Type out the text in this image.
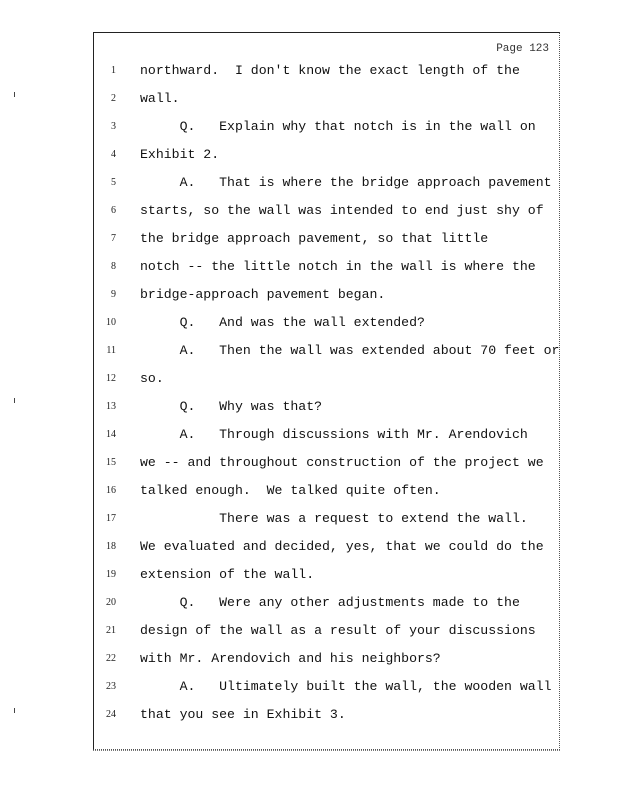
Page 123

1 northward.  I don't know the exact length of the
2 wall.
3 Q.   Explain why that notch is in the wall on
4 Exhibit 2.
5 A.   That is where the bridge approach pavement
6 starts, so the wall was intended to end just shy of
7 the bridge approach pavement, so that little
8 notch -- the little notch in the wall is where the
9 bridge-approach pavement began.
10 Q.   And was the wall extended?
11 A.   Then the wall was extended about 70 feet or
12 so.
13 Q.   Why was that?
14 A.   Through discussions with Mr. Arendovich
15 we -- and throughout construction of the project we
16 talked enough.  We talked quite often.
17 There was a request to extend the wall.
18 We evaluated and decided, yes, that we could do the
19 extension of the wall.
20 Q.   Were any other adjustments made to the
21 design of the wall as a result of your discussions
22 with Mr. Arendovich and his neighbors?
23 A.   Ultimately built the wall, the wooden wall
24 that you see in Exhibit 3.
